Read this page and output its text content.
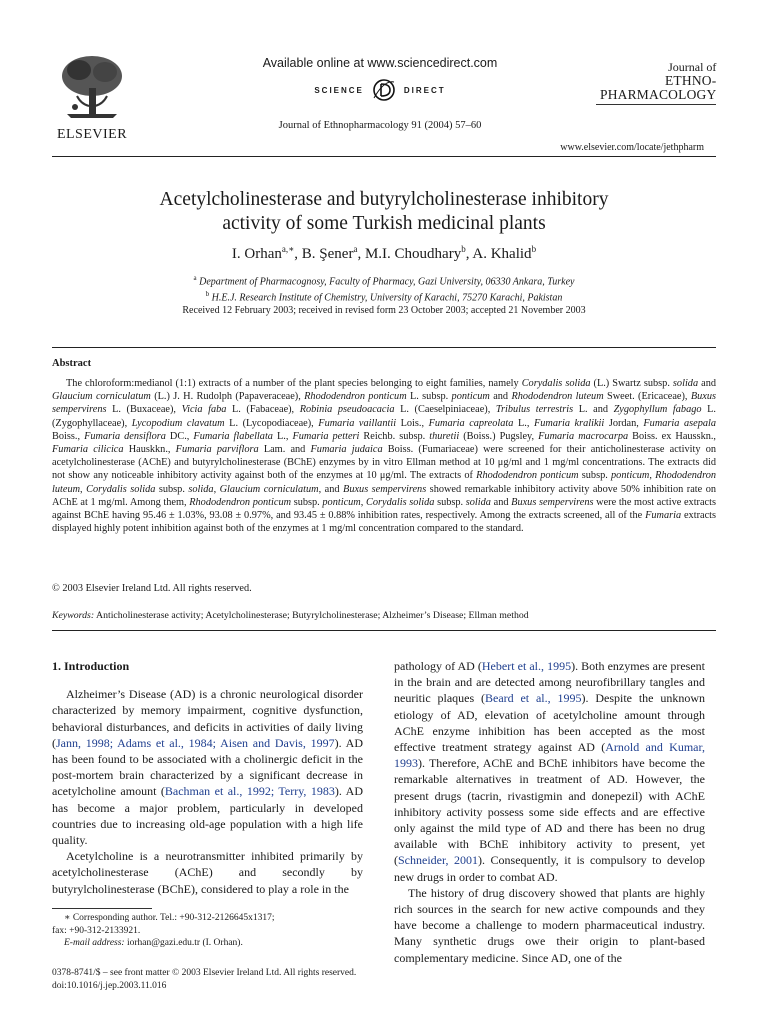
ELSEVIER
Available online at www.sciencedirect.com
SCIENCE	DIRECT
Journal of Ethnopharmacology 91 (2004) 57–60
Journal of
ETHNO-
PHARMACOLOGY
www.elsevier.com/locate/jethpharm
Acetylcholinesterase and butyrylcholinesterase inhibitory
activity of some Turkish medicinal plants
I. Orhan$^{a,∗}$, B. Şener$^a$, M.I. Choudhary$^b$, A. Khalid$^b$
$^a$ Department of Pharmacognosy, Faculty of Pharmacy, Gazi University, 06330 Ankara, Turkey
$^b$ H.E.J. Research Institute of Chemistry, University of Karachi, 75270 Karachi, Pakistan
Received 12 February 2003; received in revised form 23 October 2003; accepted 21 November 2003
Abstract
The chloroform:medianol (1:1) extracts of a number of the plant species belonging to eight families, namely Corydalis solida (L.) Swartz subsp. solida and Glaucium corniculatum (L.) J. H. Rudolph (Papaveraceae), Rhododendron ponticum L. subsp. ponticum and Rhododendron luteum Sweet. (Ericaceae), Buxus sempervirens L. (Buxaceae), Vicia faba L. (Fabaceae), Robinia pseudoacacia L. (Caeselpiniaceae), Tribulus terrestris L. and Zygophyllum fabago L. (Zygophyllaceae), Lycopodium clavatum L. (Lycopodiaceae), Fumaria vaillantii Lois., Fumaria capreolata L., Fumaria kralikii Jordan, Fumaria asepala Boiss., Fumaria densiflora DC., Fumaria flabellata L., Fumaria petteri Reichb. subsp. thuretii (Boiss.) Pugsley, Fumaria macrocarpa Boiss. ex Hausskn., Fumaria cilicica Hauskkn., Fumaria parviflora Lam. and Fumaria judaica Boiss. (Fumariaceae) were screened for their anticholinesterase activity on acetylcholinesterase (AChE) and butyrylcholinesterase (BChE) enzymes by in vitro Ellman method at 10 μg/ml and 1 mg/ml concentrations. The extracts did not show any noticeable inhibitory activity against both of the enzymes at 10 μg/ml. The extracts of Rhododendron ponticum subsp. ponticum, Rhododendron luteum, Corydalis solida subsp. solida, Glaucium corniculatum, and Buxus sempervirens showed remarkable inhibitory activity above 50% inhibition rate on AChE at 1 mg/ml. Among them, Rhododendron ponticum subsp. ponticum, Corydalis solida subsp. solida and Buxus sempervirens were the most active extracts against BChE having 95.46 ± 1.03%, 93.08 ± 0.97%, and 93.45 ± 0.88% inhibition rates, respectively. Among the extracts screened, all of the Fumaria extracts displayed highly potent inhibition against both of the enzymes at 1 mg/ml concentration compared to the standard.
© 2003 Elsevier Ireland Ltd. All rights reserved.
Keywords: Anticholinesterase activity; Acetylcholinesterase; Butyrylcholinesterase; Alzheimer’s Disease; Ellman method
1. Introduction

Alzheimer’s Disease (AD) is a chronic neurological disorder characterized by memory impairment, cognitive dysfunction, behavioral disturbances, and deficits in activities of daily living (Jann, 1998; Adams et al., 1984; Aisen and Davis, 1997). AD has been found to be associated with a cholinergic deficit in the post-mortem brain characterized by a significant decrease in acetylcholine amount (Bachman et al., 1992; Terry, 1983). AD has become a major problem, particularly in developed countries due to increasing old-age population with a high life quality.

Acetylcholine is a neurotransmitter inhibited primarily by acetylcholinesterase (AChE) and secondly by butyrylcholinesterase (BChE), considered to play a role in the

pathology of AD (Hebert et al., 1995). Both enzymes are present in the brain and are detected among neurofibrillary tangles and neuritic plaques (Beard et al., 1995). Despite the unknown etiology of AD, elevation of acetylcholine amount through AChE enzyme inhibition has been accepted as the most effective treatment strategy against AD (Arnold and Kumar, 1993). Therefore, AChE and BChE inhibitors have become the remarkable alternatives in treatment of AD. However, the present drugs (tacrin, rivastigmin and donepezil) with AChE inhibitory activity possess some side effects and are effective only against the mild type of AD and there has been no drug available with BChE inhibitory activity to present, yet (Schneider, 2001). Consequently, it is compulsory to develop new drugs in order to combat AD.

The history of drug discovery showed that plants are highly rich sources in the search for new active compounds and they have become a challenge to modern pharmaceutical industry. Many synthetic drugs owe their origin to plant-based complementary medicine. Since AD, one of the

∗ Corresponding author. Tel.: +90-312-2126645x1317;
fax: +90-312-2133921.
E-mail address: iorhan@gazi.edu.tr (I. Orhan).
0378-8741/$ – see front matter © 2003 Elsevier Ireland Ltd. All rights reserved.
doi:10.1016/j.jep.2003.11.016
